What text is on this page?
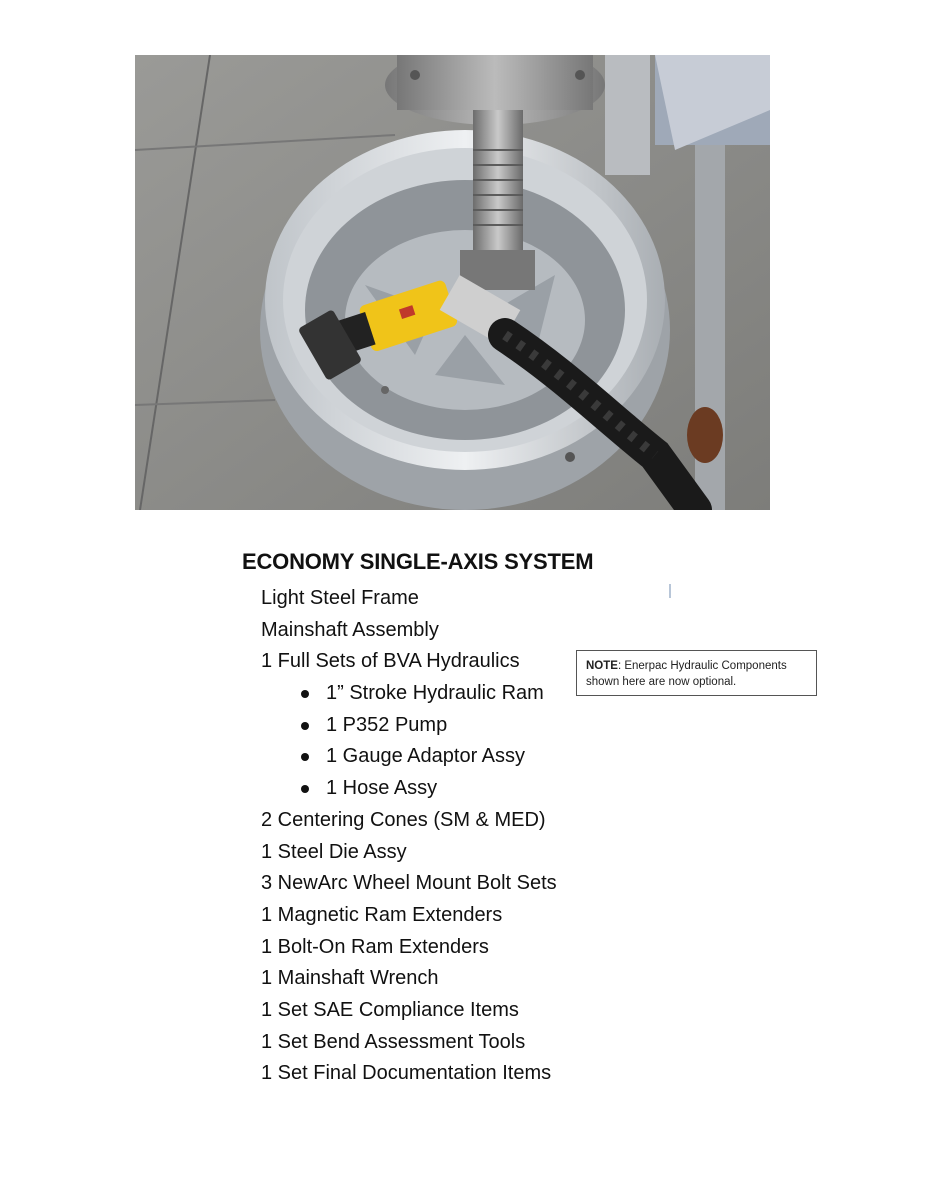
ECONOMY SINGLE-AXIS SYSTEM
Light Steel Frame
Mainshaft Assembly
1 Full Sets of BVA Hydraulics
1” Stroke Hydraulic Ram
1 P352 Pump
1 Gauge Adaptor Assy
1 Hose Assy
2 Centering Cones (SM & MED)
1 Steel Die Assy
3 NewArc Wheel Mount Bolt Sets
1 Magnetic Ram Extenders
1 Bolt-On Ram Extenders
1 Mainshaft Wrench
1 Set SAE Compliance Items
1 Set Bend Assessment Tools
1 Set Final Documentation Items
NOTE: Enerpac Hydraulic Components shown here are now optional.
